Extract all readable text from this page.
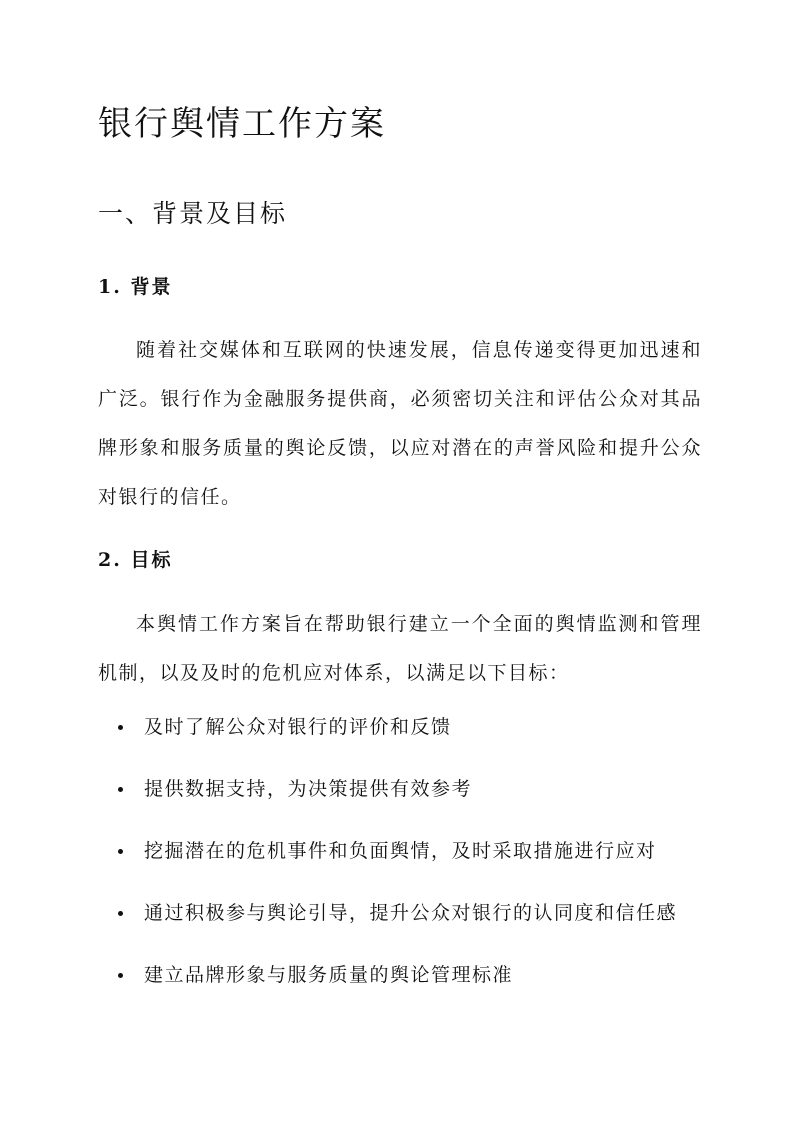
银行舆情工作方案
一、背景及目标
1. 背景

随着社交媒体和互联网的快速发展，信息传递变得更加迅速和广泛。银行作为金融服务提供商，必须密切关注和评估公众对其品牌形象和服务质量的舆论反馈，以应对潜在的声誉风险和提升公众对银行的信任。

2. 目标

本舆情工作方案旨在帮助银行建立一个全面的舆情监测和管理机制，以及及时的危机应对体系，以满足以下目标：

及时了解公众对银行的评价和反馈
提供数据支持，为决策提供有效参考
挖掘潜在的危机事件和负面舆情，及时采取措施进行应对
通过积极参与舆论引导，提升公众对银行的认同度和信任感
建立品牌形象与服务质量的舆论管理标准
